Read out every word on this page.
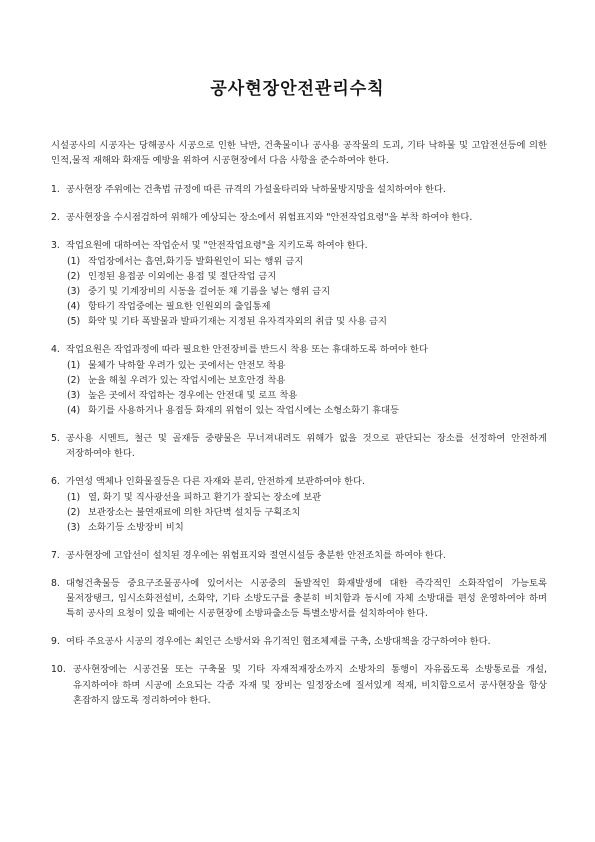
공사현장안전관리수칙

시설공사의 시공자는 당해공사 시공으로 인한 낙반, 건축물이나 공사용 공작물의 도괴, 기타 낙하물 및 고압전선등에 의한 인적,물적 재해와 화재등 예방을 위하여 시공현장에서 다음 사항을 준수하여야 한다.

1. 공사현장 주위에는 건축법 규정에 따른 규격의 가설울타리와 낙하물방지망을 설치하여야 한다.
2. 공사현장을 수시점검하여 위해가 예상되는 장소에서 위험표지와 "안전작업요령"을 부착 하여야 한다.
3. 작업요원에 대하여는 작업순서 및 "안전작업요령"을 지키도록 하여야 한다.
(1) 작업장에서는 흡연,화기등 발화원인이 되는 행위 금지
(2) 인정된 용접공 이외에는 용접 및 절단작업 금지
(3) 중기 및 기계장비의 시동을 걸어둔 채 기름을 넣는 행위 금지
(4) 항타기 작업중에는 필요한 인원외의 출입통제
(5) 화약 및 기타 폭발물과 발파기재는 지정된 유자격자외의 취급 및 사용 금지
4. 작업요원은 작업과정에 따라 필요한 안전장비를 반드시 착용 또는 휴대하도록 하여야 한다
(1) 물체가 낙하할 우려가 있는 곳에서는 안전모 착용
(2) 눈을 해칠 우려가 있는 작업시에는 보호안경 착용
(3) 높은 곳에서 작업하는 경우에는 안전대 및 로프 착용
(4) 화기를 사용하거나 용접등 화재의 위험이 있는 작업시에는 소형소화기 휴대등
5. 공사용 시멘트, 철근 및 골재등 중량물은 무너져내려도 위해가 없을 것으로 판단되는 장소를 선정하여 안전하게 저장하여야 한다.
6. 가연성 액체나 인화물질등은 다른 자재와 분리, 안전하게 보관하여야 한다.
(1) 열, 화기 및 직사광선을 피하고 환기가 잘되는 장소에 보관
(2) 보관장소는 불연재료에 의한 차단벽 설치등 구획조치
(3) 소화기등 소방장비 비치
7. 공사현장에 고압선이 설치된 경우에는 위험표지와 절연시설등 충분한 안전조치를 하여야 한다.
8. 대형건축물등 중요구조물공사에 있어서는 시공중의 돌발적인 화재발생에 대한 즉각적인 소화작업이 가능토록 물저장탱크, 임시소화전설비, 소화약, 기타 소방도구를 충분히 비치함과 동시에 자체 소방대를 편성 운영하여야 하며 특히 공사의 요청이 있을 때에는 시공현장에 소방파출소등 특별소방서를 설치하여야 한다.
9. 여타 주요공사 시공의 경우에는 최인근 소방서와 유기적인 협조체제를 구축, 소방대책을 강구하여야 한다.
10. 공사현장에는 시공건물 또는 구축물 및 기타 자재적재장소까지 소방차의 통행이 자유롭도록 소방통로를 개설,유지하여야 하며 시공에 소요되는 각종 자재 및 장비는 일정장소에 질서있게 적재, 비치함으로서 공사현장을 항상 혼잡하지 않도록 정리하여야 한다.
